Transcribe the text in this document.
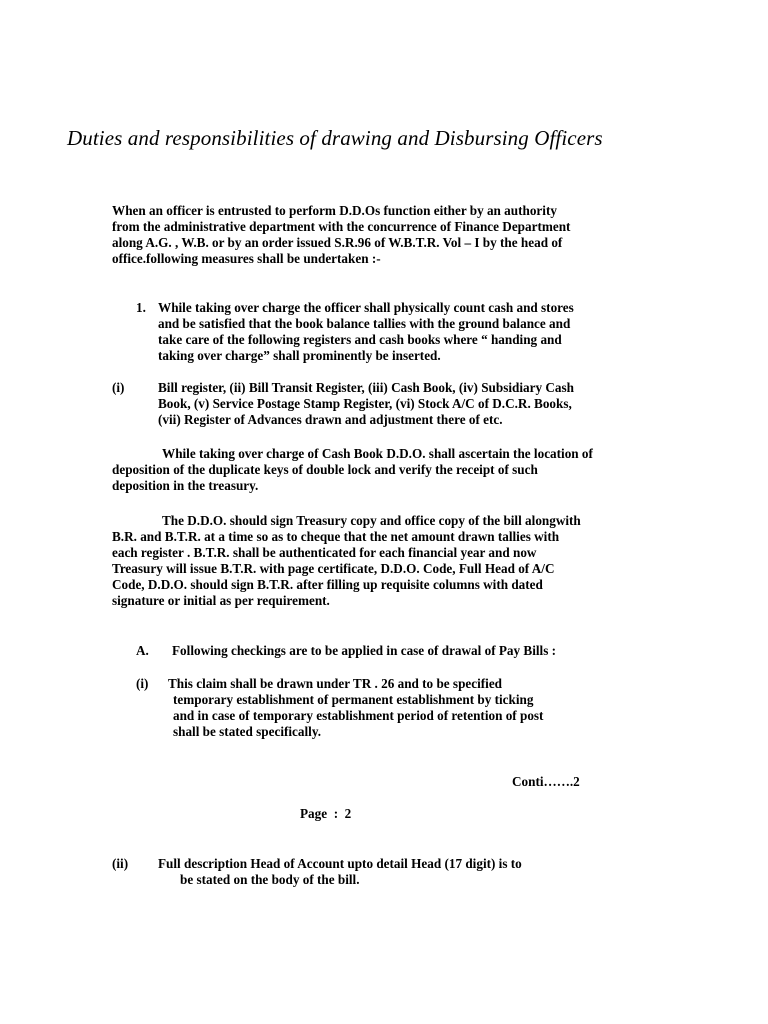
Duties and responsibilities of drawing and Disbursing Officers
When an officer is entrusted to perform D.D.Os function either by an authority
from the administrative department with the concurrence of Finance Department
along A.G. , W.B. or by an order issued S.R.96 of W.B.T.R. Vol – I by the head of
office.following measures shall be undertaken :-
1. While taking over charge the officer shall physically count cash and stores
and be satisfied that the book balance tallies with the ground balance and
take care of the following registers and cash books where “ handing and
taking over charge” shall prominently be inserted.
(i)	Bill register, (ii) Bill Transit Register, (iii) Cash Book, (iv) Subsidiary Cash
Book, (v) Service Postage Stamp Register, (vi) Stock A/C of D.C.R. Books,
(vii) Register of Advances drawn and adjustment there of etc.
While taking over charge of Cash Book D.D.O. shall ascertain the location of
deposition of the duplicate keys of double lock and verify the receipt of such
deposition in the treasury.
The D.D.O. should sign Treasury copy and office copy of the bill alongwith
B.R. and B.T.R. at a time so as to cheque that the net amount drawn tallies with
each register . B.T.R. shall be authenticated for each financial year and now
Treasury will issue B.T.R. with page certificate, D.D.O. Code, Full Head of A/C
Code, D.D.O. should sign B.T.R. after filling up requisite columns with dated
signature or initial as per requirement.
A. Following checkings are to be applied in case of drawal of Pay Bills :
(i) This claim shall be drawn under TR . 26 and to be specified
temporary establishment of permanent establishment by ticking
and in case of temporary establishment period of retention of post
shall be stated specifically.
Conti…….2
Page  :  2
(ii) Full description Head of Account upto detail Head (17 digit) is to
be stated on the body of the bill.
